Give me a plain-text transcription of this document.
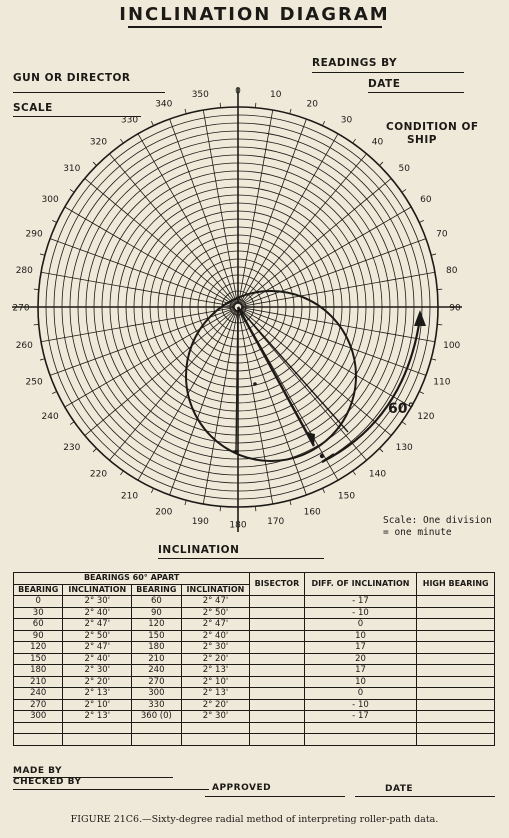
INCLINATION DIAGRAM
GUN OR DIRECTOR
READINGS BY
DATE
SCALE
CONDITION OF
SHIP
0	10
20
30
40
50
60
70
80
90
100
110
120
130
140
150
160
170
180
190
200
210
220
230
240
250
260
270
280
290
300
310
320
330
340
350
60°
Scale: One division
= one minute
INCLINATION
BEARINGS 60° APART				BISECTOR	DIFF. OF INCLINATION	HIGH BEARING
BEARING	INCLINATION	BEARING	INCLINATION			
0	2° 30'	60	2° 47'		- 17	
30	2° 40'	90	2° 50'		- 10	
60	2° 47'	120	2° 47'		0	
90	2° 50'	150	2° 40'		10	
120	2° 47'	180	2° 30'		17	
150	2° 40'	210	2° 20'		20	
180	2° 30'	240	2° 13'		17	
210	2° 20'	270	2° 10'		10	
240	2° 13'	300	2° 13'		0	
270	2° 10'	330	2° 20'		- 10	
300	2° 13'	360 (0)	2° 30'		- 17	

MADE BY
CHECKED BY
APPROVED	DATE
FIGURE 21C6.—Sixty-degree radial method of interpreting roller-path data.
